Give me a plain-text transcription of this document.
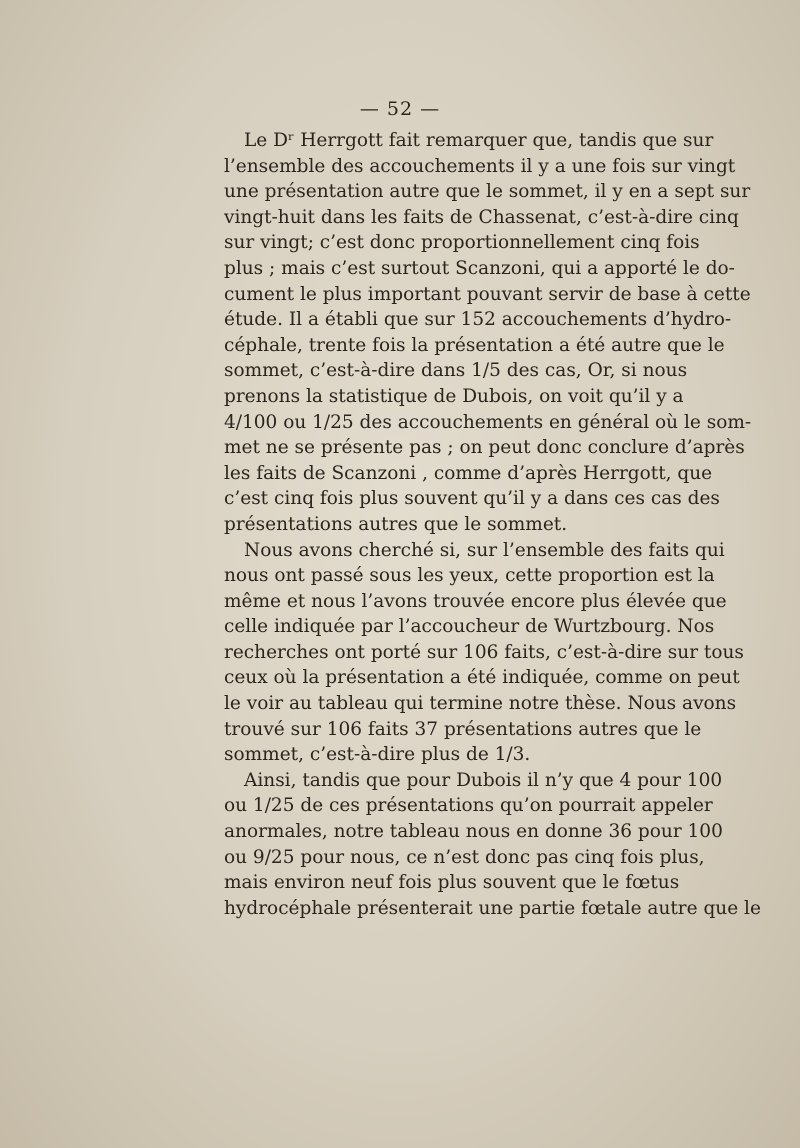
— 52 —
Le Dʳ Herrgott fait remarquer que, tandis que sur
l’ensemble des accouchements il y a une fois sur vingt
une présentation autre que le sommet, il y en a sept sur
vingt-huit dans les faits de Chassenat, c’est-à-dire cinq
sur vingt; c’est donc proportionnellement cinq fois
plus ; mais c’est surtout Scanzoni, qui a apporté le do-
cument le plus important pouvant servir de base à cette
étude. Il a établi que sur 152 accouchements d’hydro-
céphale, trente fois la présentation a été autre que le
sommet, c’est-à-dire dans 1/5 des cas, Or, si nous
prenons la statistique de Dubois, on voit qu’il y a
4/100 ou 1/25 des accouchements en général où le som-
met ne se présente pas ; on peut donc conclure d’après
les faits de Scanzoni , comme d’après Herrgott, que
c’est cinq fois plus souvent qu’il y a dans ces cas des
présentations autres que le sommet.
Nous avons cherché si, sur l’ensemble des faits qui
nous ont passé sous les yeux, cette proportion est la
même et nous l’avons trouvée encore plus élevée que
celle indiquée par l’accoucheur de Wurtzbourg. Nos
recherches ont porté sur 106 faits, c’est-à-dire sur tous
ceux où la présentation a été indiquée, comme on peut
le voir au tableau qui termine notre thèse. Nous avons
trouvé sur 106 faits 37 présentations autres que le
sommet, c’est-à-dire plus de 1/3.
Ainsi, tandis que pour Dubois il n’y que 4 pour 100
ou 1/25 de ces présentations qu’on pourrait appeler
anormales, notre tableau nous en donne 36 pour 100
ou 9/25 pour nous, ce n’est donc pas cinq fois plus,
mais environ neuf fois plus souvent que le fœtus
hydrocéphale présenterait une partie fœtale autre que le
